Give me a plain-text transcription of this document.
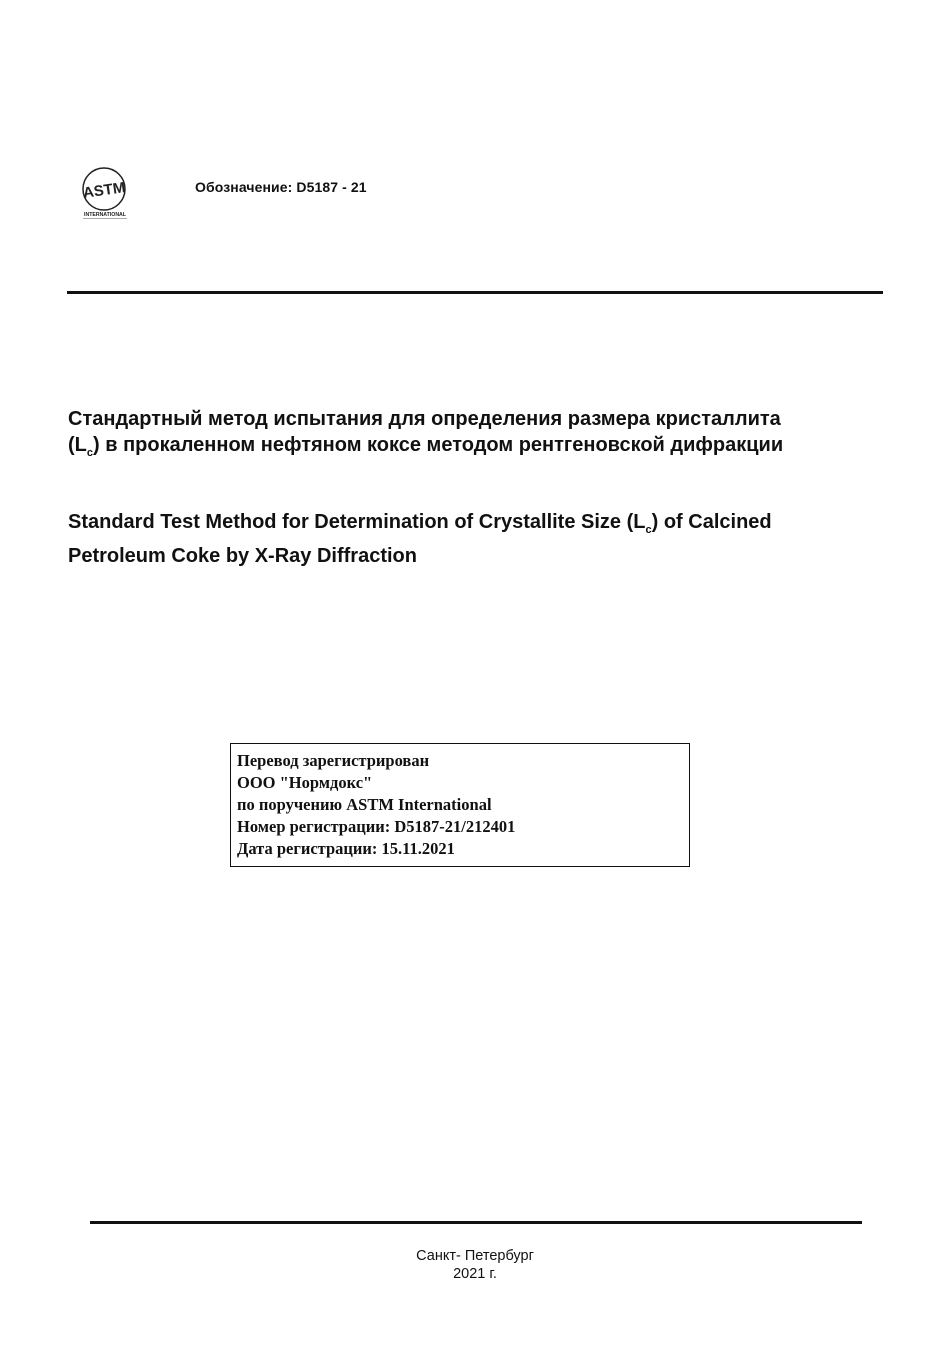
ASTM
INTERNATIONAL
Обозначение: D5187 - 21
Стандартный метод испытания для определения размера кристаллита
$(L_c)$ в прокаленном нефтяном коксе методом рентгеновской дифракции
Standard Test Method for Determination of Crystallite Size $(L_c)$ of Calcined
Petroleum Coke by X-Ray Diffraction
Перевод зарегистрирован
ООО "Нормдокс"
по поручению ASTM International
Номер регистрации: D5187-21/212401
Дата регистрации: 15.11.2021
Санкт- Петербург
2021 г.
